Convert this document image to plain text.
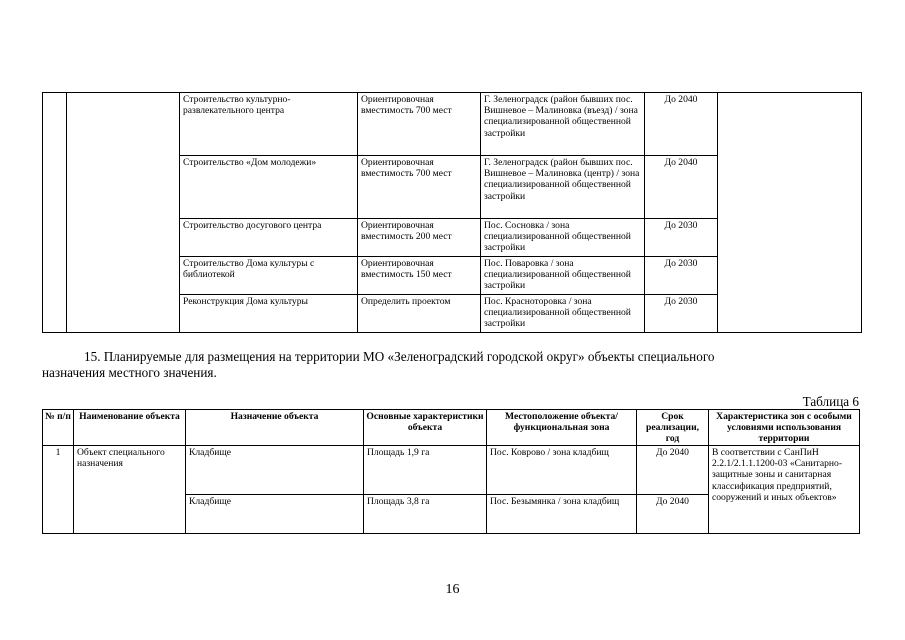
		Строительство культурно-развлекательного центра	Ориентировочная вместимость 700 мест	Г. Зеленоградск (район бывших пос. Вишневое – Малиновка (въезд) / зона специализированной общественной застройки	До 2040	
		Строительство «Дом молодежи»	Ориентировочная вместимость 700 мест	Г. Зеленоградск (район бывших пос. Вишневое – Малиновка (центр) / зона специализированной общественной застройки	До 2040	
		Строительство досугового центра	Ориентировочная вместимость 200 мест	Пос. Сосновка / зона специализированной общественной застройки	До 2030	
		Строительство Дома культуры с библиотекой	Ориентировочная вместимость 150 мест	Пос. Поваровка / зона специализированной общественной застройки	До 2030	
		Реконструкция Дома культуры	Определить проектом	Пос. Краснотоpовка / зона специализированной общественной застройки	До 2030	
15. Планируемые для размещения на территории МО «Зеленоградский городской округ» объекты специального
назначения местного значения.
Таблица 6
№ п/п	Наименование объекта	Назначение объекта	Основные характеристики объекта	Местоположение объекта/функциональная зона	Срок реализации, год	Характеристика зон с особыми условиями использования территории
1	Объект специального назначения	Кладбище	Площадь 1,9 га	Пос. Коврово / зона кладбищ	До 2040	В соответствии с СанПиН 2.2.1/2.1.1.1200-03 «Санитарно-защитные зоны и санитарная классификация предприятий, сооружений и иных объектов»
		Кладбище	Площадь 3,8 га	Пос. Безымянка / зона кладбищ	До 2040	
16
